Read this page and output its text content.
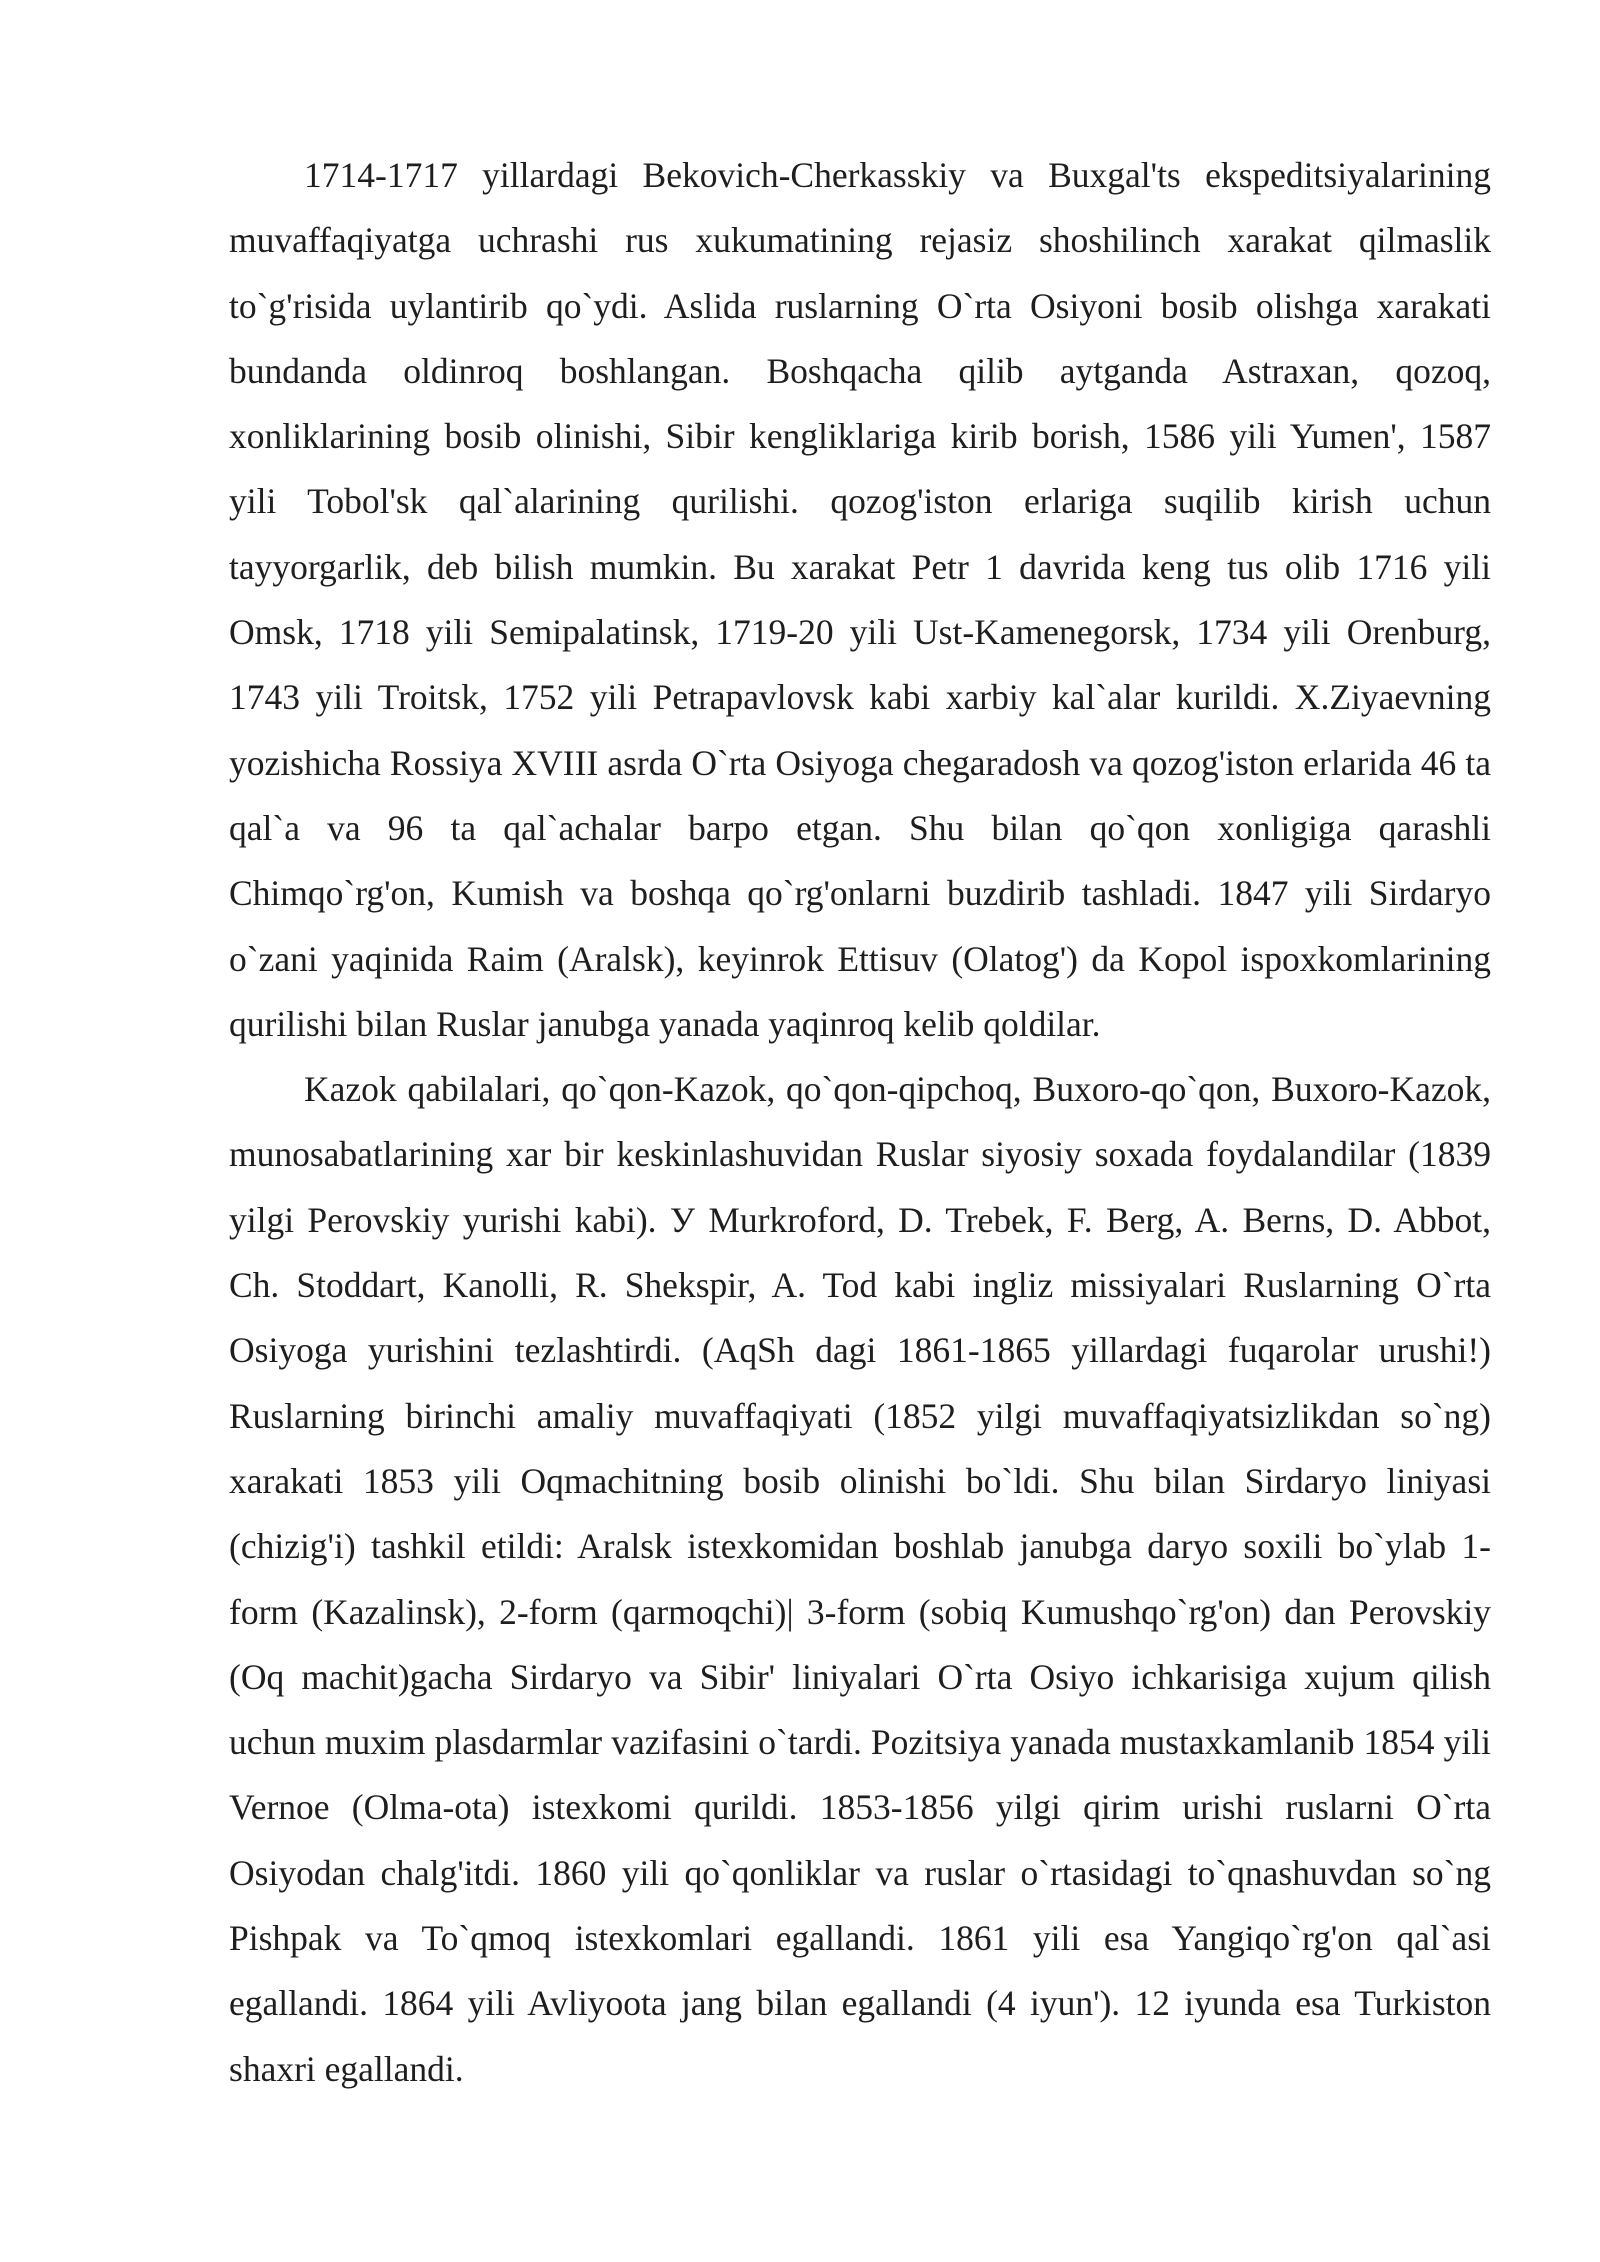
1714-1717 yillardagi Bekovich-Cherkasskiy va Buxgal'ts ekspeditsiyalarining muvaffaqiyatga uchrashi rus xukumatining rejasiz shoshilinch xarakat qilmaslik to`g'risida uylantirib qo`ydi. Aslida ruslarning O`rta Osiyoni bosib olishga xarakati bundanda oldinroq boshlangan. Boshqacha qilib aytganda Astraxan, qozoq, xonliklarining bosib olinishi, Sibir kengliklariga kirib borish, 1586 yili Yumen', 1587 yili Tobol'sk qal`alarining qurilishi. qozog'iston erlariga suqilib kirish uchun tayyorgarlik, deb bilish mumkin. Bu xarakat Petr 1 davrida keng tus olib 1716 yili Omsk, 1718 yili Semipalatinsk, 1719-20 yili Ust-Kamenegorsk, 1734 yili Orenburg, 1743 yili Troitsk, 1752 yili Petrapavlovsk kabi xarbiy kal`alar kurildi. X.Ziyaevning yozishicha Rossiya XVIII asrda O`rta Osiyoga chegaradosh va qozog'iston erlarida 46 ta qal`a va 96 ta qal`achalar barpo etgan. Shu bilan qo`qon xonligiga qarashli Chimqo`rg'on, Kumish va boshqa qo`rg'onlarni buzdirib tashladi. 1847 yili Sirdaryo o`zani yaqinida Raim (Aralsk), keyinrok Ettisuv (Olatog') da Kopol ispoxkomlarining qurilishi bilan Ruslar janubga yanada yaqinroq kelib qoldilar.

Kazok qabilalari, qo`qon-Kazok, qo`qon-qipchoq, Buxoro-qo`qon, Buxoro-Kazok, munosabatlarining xar bir keskinlashuvidan Ruslar siyosiy soxada foydalandilar (1839 yilgi Perovskiy yurishi kabi). У Murkroford, D. Trebek, F. Berg, A. Berns, D. Abbot, Ch. Stoddart, Kanolli, R. Shekspir, A. Tod kabi ingliz missiyalari Ruslarning O`rta Osiyoga yurishini tezlashtirdi. (AqSh dagi 1861-1865 yillardagi fuqarolar urushi!) Ruslarning birinchi amaliy muvaffaqiyati (1852 yilgi muvaffaqiyatsizlikdan so`ng) xarakati 1853 yili Oqmachitning bosib olinishi bo`ldi. Shu bilan Sirdaryo liniyasi (chizig'i) tashkil etildi: Aralsk istexkomidan boshlab janubga daryo soxili bo`ylab 1-form (Kazalinsk), 2-form (qarmoqchi)| 3-form (sobiq Kumushqo`rg'on) dan Perovskiy (Oq machit)gacha Sirdaryo va Sibir' liniyalari O`rta Osiyo ichkarisiga xujum qilish uchun muxim plasdarmlar vazifasini o`tardi. Pozitsiya yanada mustaxkamlanib 1854 yili Vernoe (Olma-ota) istexkomi qurildi. 1853-1856 yilgi qirim urishi ruslarni O`rta Osiyodan chalg'itdi. 1860 yili qo`qonliklar va ruslar o`rtasidagi to`qnashuvdan so`ng Pishpak va To`qmoq istexkomlari egallandi. 1861 yili esa Yangiqo`rg'on qal`asi egallandi. 1864 yili Avliyoota jang bilan egallandi (4 iyun'). 12 iyunda esa Turkiston shaxri egallandi.
